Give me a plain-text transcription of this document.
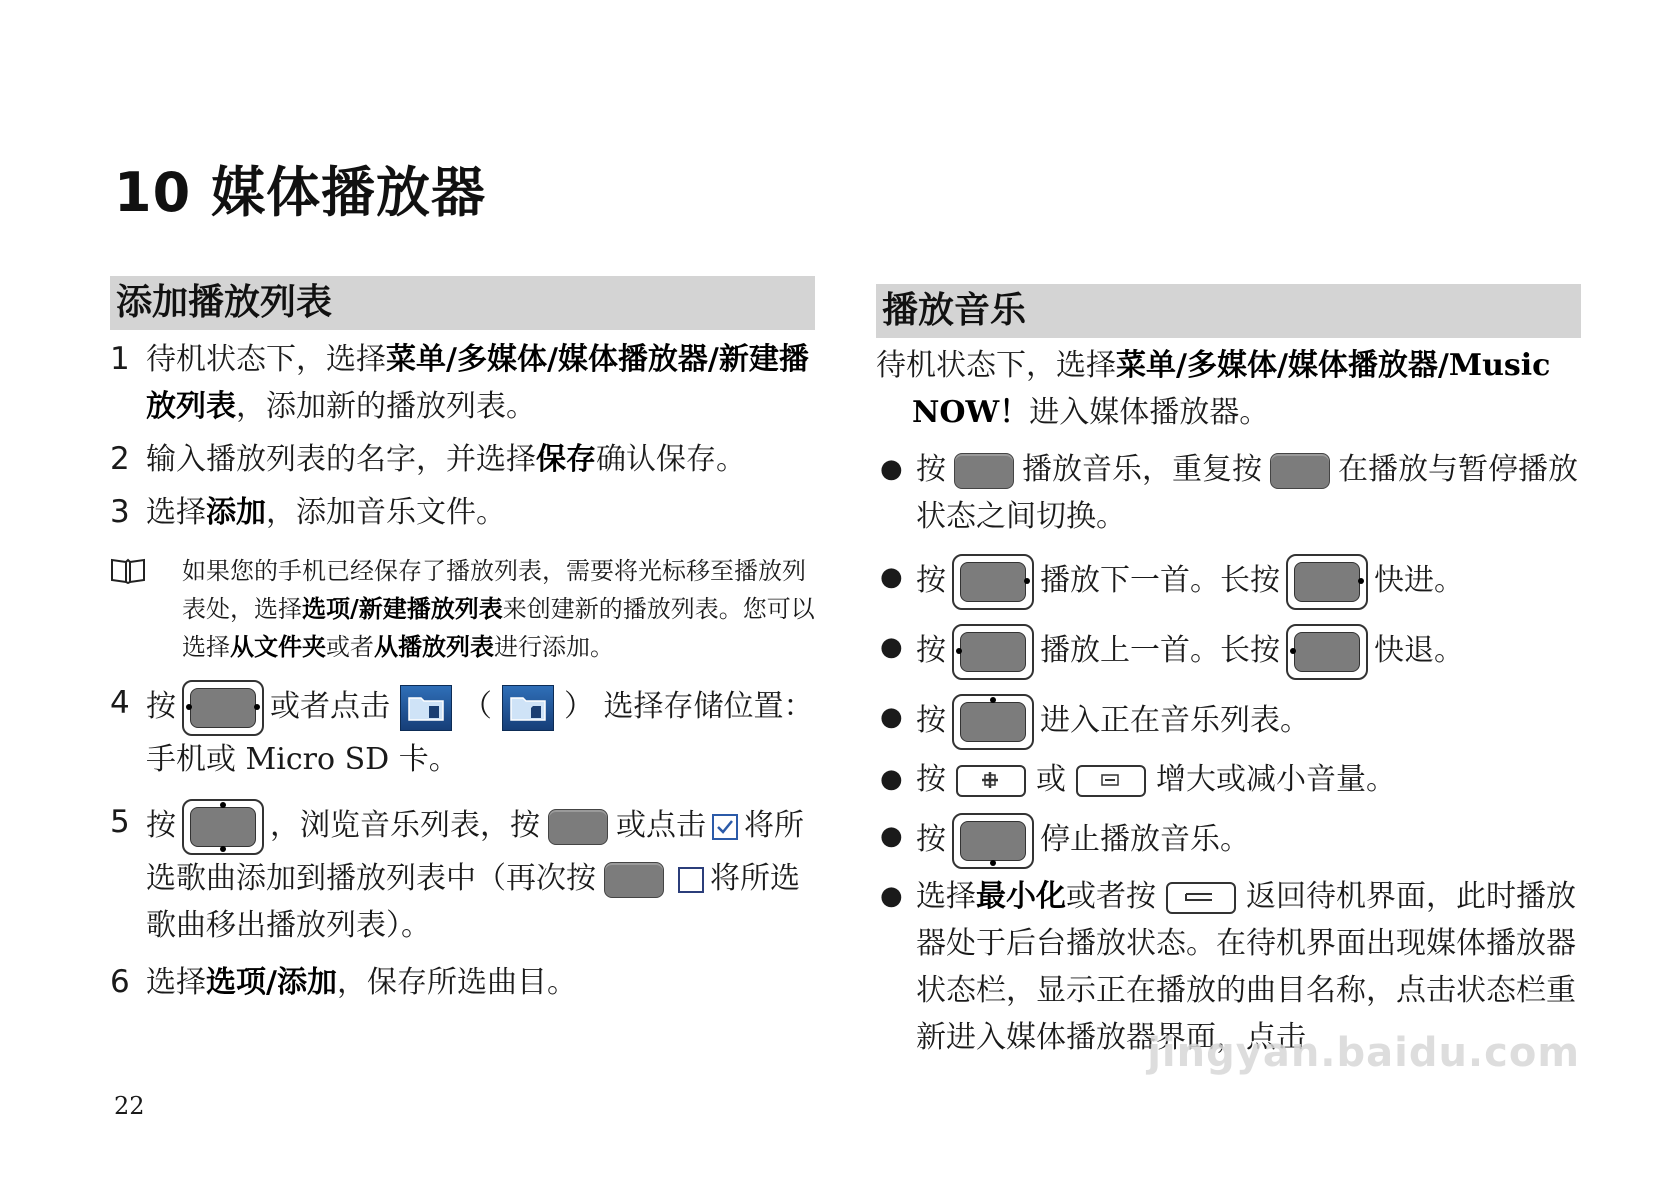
10 媒体播放器
添加播放列表
1 待机状态下，选择菜单/多媒体/媒体播放器/新建播放列表，添加新的播放列表。
2 输入播放列表的名字，并选择保存确认保存。
3 选择添加，添加音乐文件。
如果您的手机已经保存了播放列表，需要将光标移至播放列表处，选择选项/新建播放列表来创建新的播放列表。您可以选择从文件夹或者从播放列表进行添加。
4 按	或者点击 （ ） 选择存储位置：手机或 Micro SD 卡。
5 按	，浏览音乐列表，按	或点击 将所选歌曲添加到播放列表中（再次按	将所选歌曲移出播放列表）。
6 选择选项/添加，保存所选曲目。
播放音乐
待机状态下，选择菜单/多媒体/媒体播放器/Music
NOW！进入媒体播放器。
● 按	播放音乐，重复按	在播放与暂停播放状态之间切换。
● 按	播放下一首。长按	快进。
● 按	播放上一首。长按	快退。
● 按	进入正在音乐列表。
● 按	或	增大或减小音量。
● 按	停止播放音乐。
● 选择最小化或者按	返回待机界面，此时播放器处于后台播放状态。在待机界面出现媒体播放器状态栏，显示正在播放的曲目名称，点击状态栏重新进入媒体播放器界面，点击
22
jingyan.baidu.com
